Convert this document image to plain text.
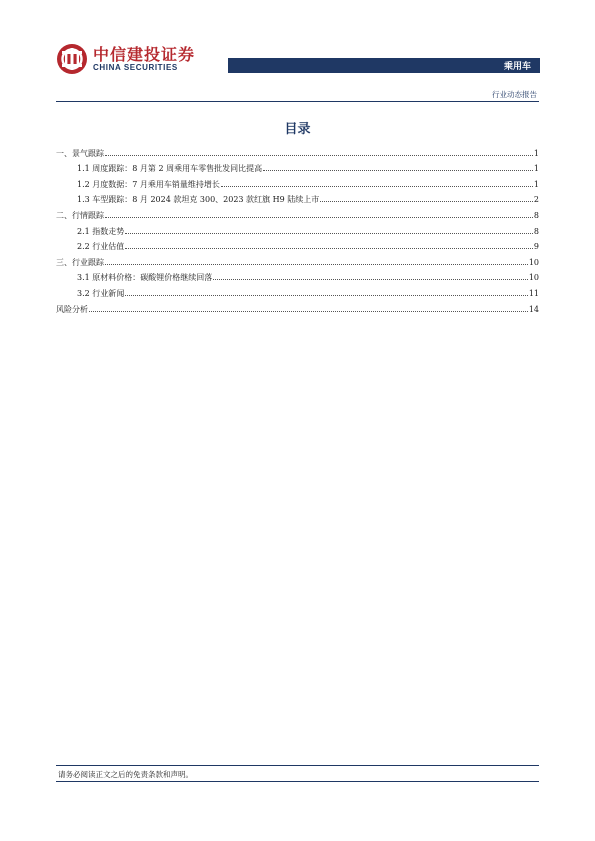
中信建投证券
CHINA SECURITIES	乘用车
行业动态报告
目录
一、景气跟踪	1
1.1 周度跟踪：8 月第 2 周乘用车零售批发同比提高	1
1.2 月度数据：7 月乘用车销量维持增长	1
1.3 车型跟踪：8 月 2024 款坦克 300、2023 款红旗 H9 陆续上市	2
二、行情跟踪	8
2.1 指数走势	8
2.2 行业估值	9
三、行业跟踪	10
3.1 原材料价格：碳酸锂价格继续回落	10
3.2 行业新闻	11
风险分析	14
请务必阅读正文之后的免责条款和声明。
